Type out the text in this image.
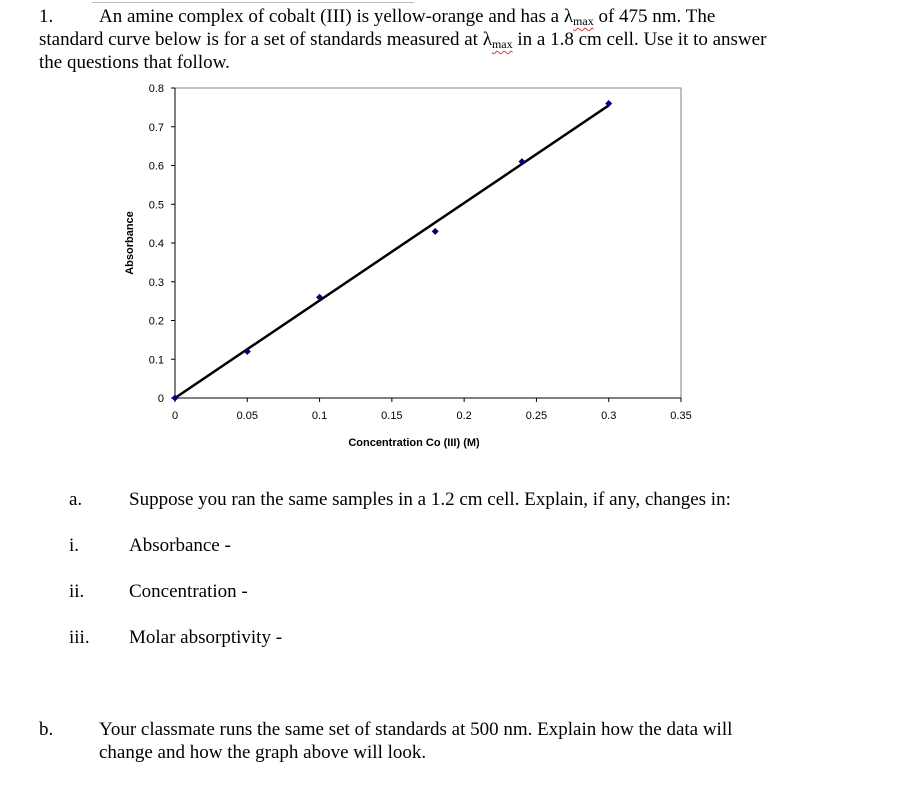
1. An amine complex of cobalt (III) is yellow-orange and has a λmax of 475 nm. The
standard curve below is for a set of standards measured at λmax in a 1.8 cm cell. Use it to answer
the questions that follow.
0
0.1
0.2
0.3
0.4
0.5
0.6
0.7
0.8
0	0.05	0.1	0.15	0.2	0.25	0.3	0.35
Concentration Co (III) (M)
Absorbance
a. Suppose you ran the same samples in a 1.2 cm cell. Explain, if any, changes in:
i.	Absorbance -
ii. Concentration -
iii. Molar absorptivity -
b. Your classmate runs the same set of standards at 500 nm. Explain how the data will
change and how the graph above will look.
